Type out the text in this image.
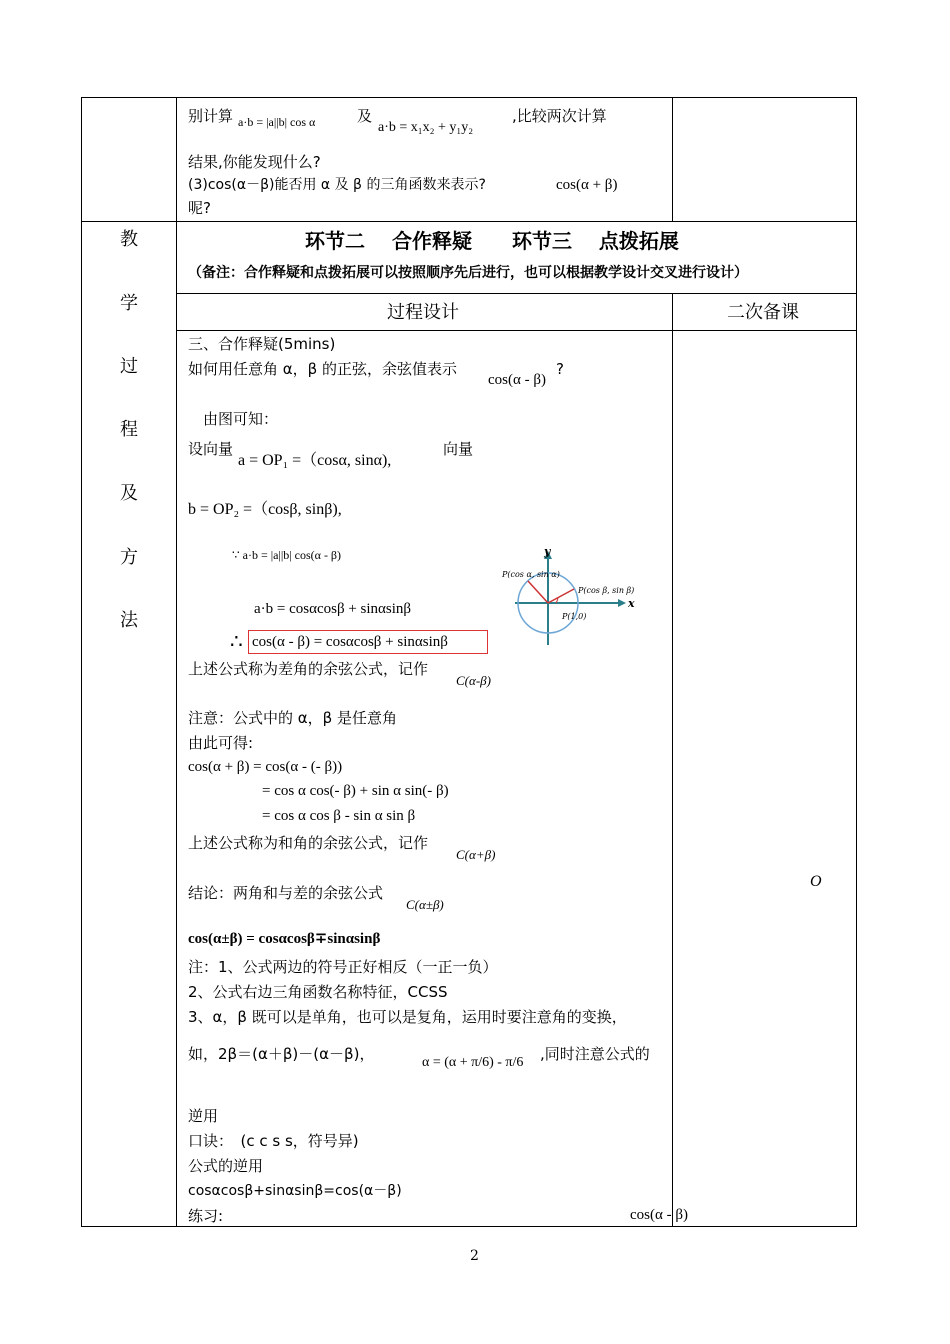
别计算 a·b = |a||b| cos α	及
a·b = x₁x₂ + y₁y₂
,比较两次计算
结果,你能发现什么?
(3)cos(α－β)能否用 α 及 β 的三角函数来表示?	cos(α + β)
呢?
教
学
过
程
及
方
法
环节二　 合作释疑　　环节三　 点拨拓展
（备注：合作释疑和点拨拓展可以按照顺序先后进行，也可以根据教学设计交叉进行设计）
过程设计	二次备课
三、合作释疑(5mins)
如何用任意角 α，β 的正弦，余弦值表示
cos(α - β)
?
由图可知：
设向量
a = OP₁ =（cosα, sinα),
向量
b = OP₂ =（cosβ, sinβ),
∵ a·b = |a||b| cos(α - β)
a·b = cosαcosβ + sinαsinβ
∴ cos(α - β) = cosαcosβ + sinαsinβ
y
x
P(cos α, sin α)
P(cos β, sin β)
P(1,0)
上述公式称为差角的余弦公式，记作
C(α-β)
注意：公式中的 α，β 是任意角
由此可得:
cos(α + β) = cos(α - (- β))
= cos α cos(- β) + sin α sin(- β)
= cos α cos β - sin α sin β
上述公式称为和角的余弦公式，记作
C(α+β)
结论：两角和与差的余弦公式
C(α±β)
cos(α±β) = cosαcosβ∓sinαsinβ
注：1、公式两边的符号正好相反（一正一负）
2、公式右边三角函数名称特征，CCSS
3、α，β 既可以是单角，也可以是复角，运用时要注意角的变换，
如，2β＝(α＋β)－(α－β)，	α = (α + π/6) - π/6 ,同时注意公式的
逆用
口诀：　(c c s s，符号异)
公式的逆用
cosαcosβ+sinαsinβ=cos(α－β)
练习:	cos(α - β)
O
2
